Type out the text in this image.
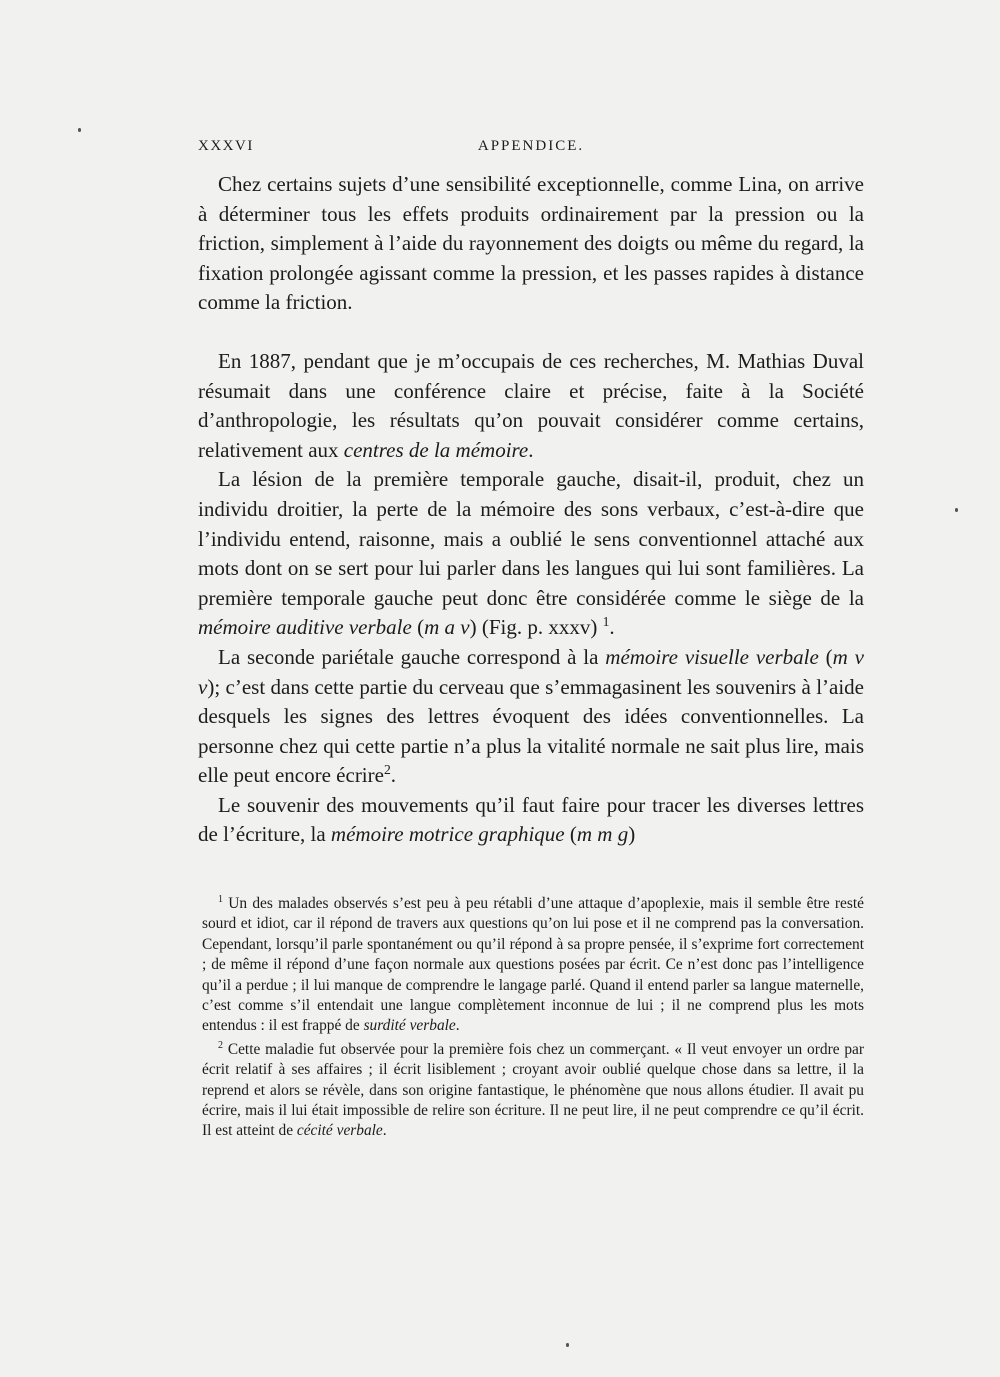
XXXVI	APPENDICE.

Chez certains sujets d’une sensibilité exceptionnelle, comme Lina, on arrive à déterminer tous les effets produits ordinairement par la pression ou la friction, simplement à l’aide du rayonnement des doigts ou même du regard, la fixation prolongée agissant comme la pression, et les passes rapides à distance comme la friction.

En 1887, pendant que je m’occupais de ces recherches, M. Mathias Duval résumait dans une conférence claire et précise, faite à la Société d’anthropologie, les résultats qu’on pouvait considérer comme certains, relativement aux centres de la mémoire.

La lésion de la première temporale gauche, disait-il, produit, chez un individu droitier, la perte de la mémoire des sons verbaux, c’est-à-dire que l’individu entend, raisonne, mais a oublié le sens conventionnel attaché aux mots dont on se sert pour lui parler dans les langues qui lui sont familières. La première temporale gauche peut donc être considérée comme le siège de la mémoire auditive verbale (m a v) (Fig. p. xxxv) $^1$.

La seconde pariétale gauche correspond à la mémoire visuelle verbale (m v v); c’est dans cette partie du cerveau que s’emmagasinent les souvenirs à l’aide desquels les signes des lettres évoquent des idées conventionnelles. La personne chez qui cette partie n’a plus la vitalité normale ne sait plus lire, mais elle peut encore écrire$^2$.

Le souvenir des mouvements qu’il faut faire pour tracer les diverses lettres de l’écriture, la mémoire motrice graphique (m m g)

$^1$ Un des malades observés s’est peu à peu rétabli d’une attaque d’apoplexie, mais il semble être resté sourd et idiot, car il répond de travers aux questions qu’on lui pose et il ne comprend pas la conversation. Cependant, lorsqu’il parle spontanément ou qu’il répond à sa propre pensée, il s’exprime fort correctement ; de même il répond d’une façon normale aux questions posées par écrit. Ce n’est donc pas l’intelligence qu’il a perdue ; il lui manque de comprendre le langage parlé. Quand il entend parler sa langue maternelle, c’est comme s’il entendait une langue complètement inconnue de lui ; il ne comprend plus les mots entendus : il est frappé de surdité verbale.

$^2$ Cette maladie fut observée pour la première fois chez un commerçant. « Il veut envoyer un ordre par écrit relatif à ses affaires ; il écrit lisiblement ; croyant avoir oublié quelque chose dans sa lettre, il la reprend et alors se révèle, dans son origine fantastique, le phénomène que nous allons étudier. Il avait pu écrire, mais il lui était impossible de relire son écriture. Il ne peut lire, il ne peut comprendre ce qu’il écrit. Il est atteint de cécité verbale.
